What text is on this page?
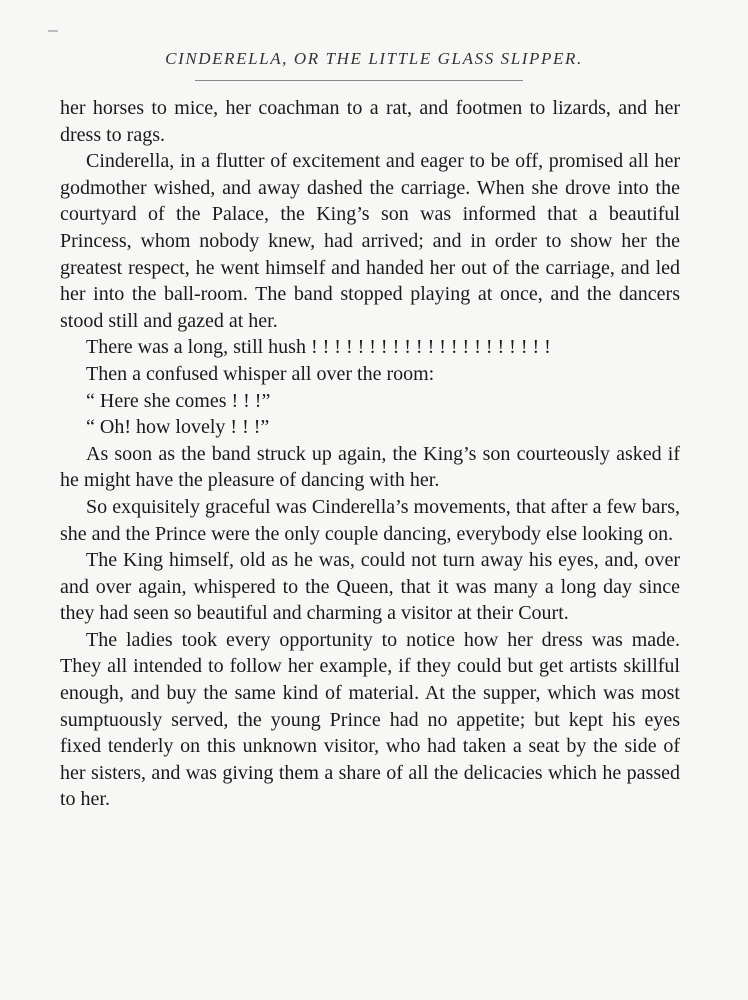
CINDERELLA, OR THE LITTLE GLASS SLIPPER.

her horses to mice, her coachman to a rat, and footmen to lizards, and her dress to rags.

Cinderella, in a flutter of excitement and eager to be off, promised all her godmother wished, and away dashed the carriage. When she drove into the courtyard of the Palace, the King’s son was informed that a beautiful Princess, whom nobody knew, had arrived; and in order to show her the greatest respect, he went himself and handed her out of the carriage, and led her into the ball-room. The band stopped playing at once, and the dancers stood still and gazed at her.

There was a long, still hush ! ! ! ! ! ! ! ! ! ! ! ! ! ! ! ! ! ! ! ! !

Then a confused whisper all over the room:

“ Here she comes ! ! !”

“ Oh! how lovely ! ! !”

As soon as the band struck up again, the King’s son courteously asked if he might have the pleasure of dancing with her.

So exquisitely graceful was Cinderella’s movements, that after a few bars, she and the Prince were the only couple dancing, everybody else looking on.

The King himself, old as he was, could not turn away his eyes, and, over and over again, whispered to the Queen, that it was many a long day since they had seen so beautiful and charming a visitor at their Court.

The ladies took every opportunity to notice how her dress was made. They all intended to follow her example, if they could but get artists skillful enough, and buy the same kind of material. At the supper, which was most sumptuously served, the young Prince had no appetite; but kept his eyes fixed tenderly on this unknown visitor, who had taken a seat by the side of her sisters, and was giving them a share of all the delicacies which he passed to her.
